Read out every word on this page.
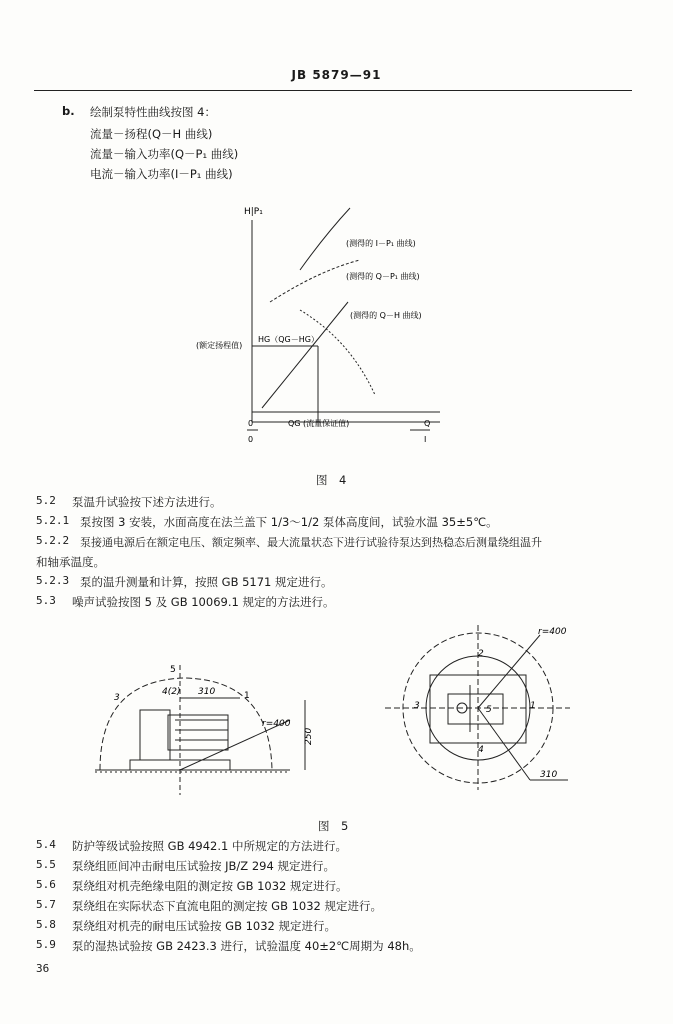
JB 5879—91
b. 绘制泵特性曲线按图 4：
流量－扬程(Q－H 曲线)
流量－输入功率(Q－P₁ 曲线)
电流－输入功率(I－P₁ 曲线)
H|P₁
(测得的 I－P₁ 曲线)
(测得的 Q－P₁ 曲线)
(测得的 Q－H 曲线)
(额定扬程值)
HG（QG－HG）
QG (流量保证值)
0
0
Q
I
图　4
5.2 泵温升试验按下述方法进行。
5.2.1 泵按图 3 安装，水面高度在法兰盖下 1/3～1/2 泵体高度间，试验水温 35±5℃。
5.2.2 泵接通电源后在额定电压、额定频率、最大流量状态下进行试验待泵达到热稳态后测量绕组温升
和轴承温度。
5.2.3 泵的温升测量和计算，按照 GB 5171 规定进行。
5.3 噪声试验按图 5 及 GB 10069.1 规定的方法进行。
5
3
4(2) 310	1
r=400
250
r=400
2
3	1
4
5
310
图　5
5.4 防护等级试验按照 GB 4942.1 中所规定的方法进行。
5.5 泵绕组匝间冲击耐电压试验按 JB/Z 294 规定进行。
5.6 泵绕组对机壳绝缘电阻的测定按 GB 1032 规定进行。
5.7 泵绕组在实际状态下直流电阻的测定按 GB 1032 规定进行。
5.8 泵绕组对机壳的耐电压试验按 GB 1032 规定进行。
5.9 泵的湿热试验按 GB 2423.3 进行，试验温度 40±2℃周期为 48h。
36
